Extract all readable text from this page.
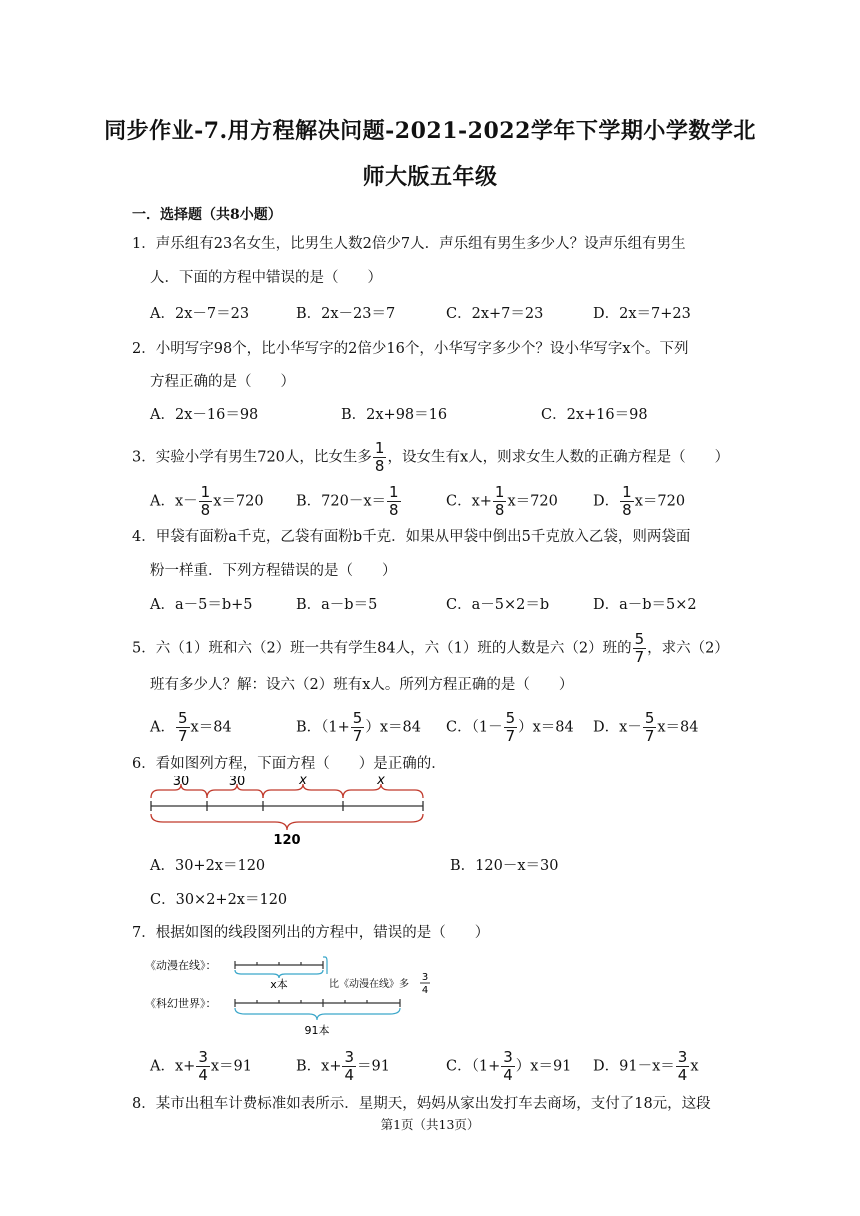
同步作业-7.用方程解决问题-2021-2022学年下学期小学数学北
师大版五年级
一．选择题（共8小题）
1．声乐组有23名女生，比男生人数2倍少7人．声乐组有男生多少人？设声乐组有男生
人．下面的方程中错误的是（　　）
A．2x－7＝23	B．2x－23＝7	C．2x+7＝23	D．2x＝7+23
2．小明写字98个，比小华写字的2倍少16个，小华写字多少个？设小华写字x个。下列
方程正确的是（　　）
A．2x－16＝98	B．2x+98＝16	C．2x+16＝98
3．实验小学有男生720人，比女生多 $\frac{1}{8}$ ，设女生有x人，则求女生人数的正确方程是（　　）
A．$x- \frac{1}{8} x=720$ B．$720-x= \frac{1}{8}$	C．$x+ \frac{1}{8} x=720$ D． $\frac{1}{8} x=720$
4．甲袋有面粉a千克，乙袋有面粉b千克．如果从甲袋中倒出5千克放入乙袋，则两袋面
粉一样重．下列方程错误的是（　　）
A．a－5＝b+5	B．a－b＝5	C．a－5×2＝b	D．a－b＝5×2
5．六（1）班和六（2）班一共有学生84人，六（1）班的人数是六（2）班的 $\frac{5}{7}$ ，求六（2）
班有多少人？解：设六（2）班有x人。所列方程正确的是（　　）
A． $\frac{5}{7} x=84$	B．$(1+ \frac{5}{7} )x=84$ C．$(1- \frac{5}{7} )x=84$ D．$x- \frac{5}{7} x=84$
6．看如图列方程，下面方程（　　）是正确的．
30	30	x	x
120
A．30+2x＝120	B．120－x＝30
C．30×2+2x＝120
7．根据如图的线段图列出的方程中，错误的是（　　）
《动漫在线》：
《科幻世界》：
x本	比《动漫在线》多
3
4
91本
A．$x+ \frac{3}{4} x=91$	B．$x+ \frac{3}{4} =91$	C．$(1+ \frac{3}{4} )x=91$ D．$91-x= \frac{3}{4}$ x
8．某市出租车计费标准如表所示．星期天，妈妈从家出发打车去商场，支付了18元，这段
第1页（共13页）
